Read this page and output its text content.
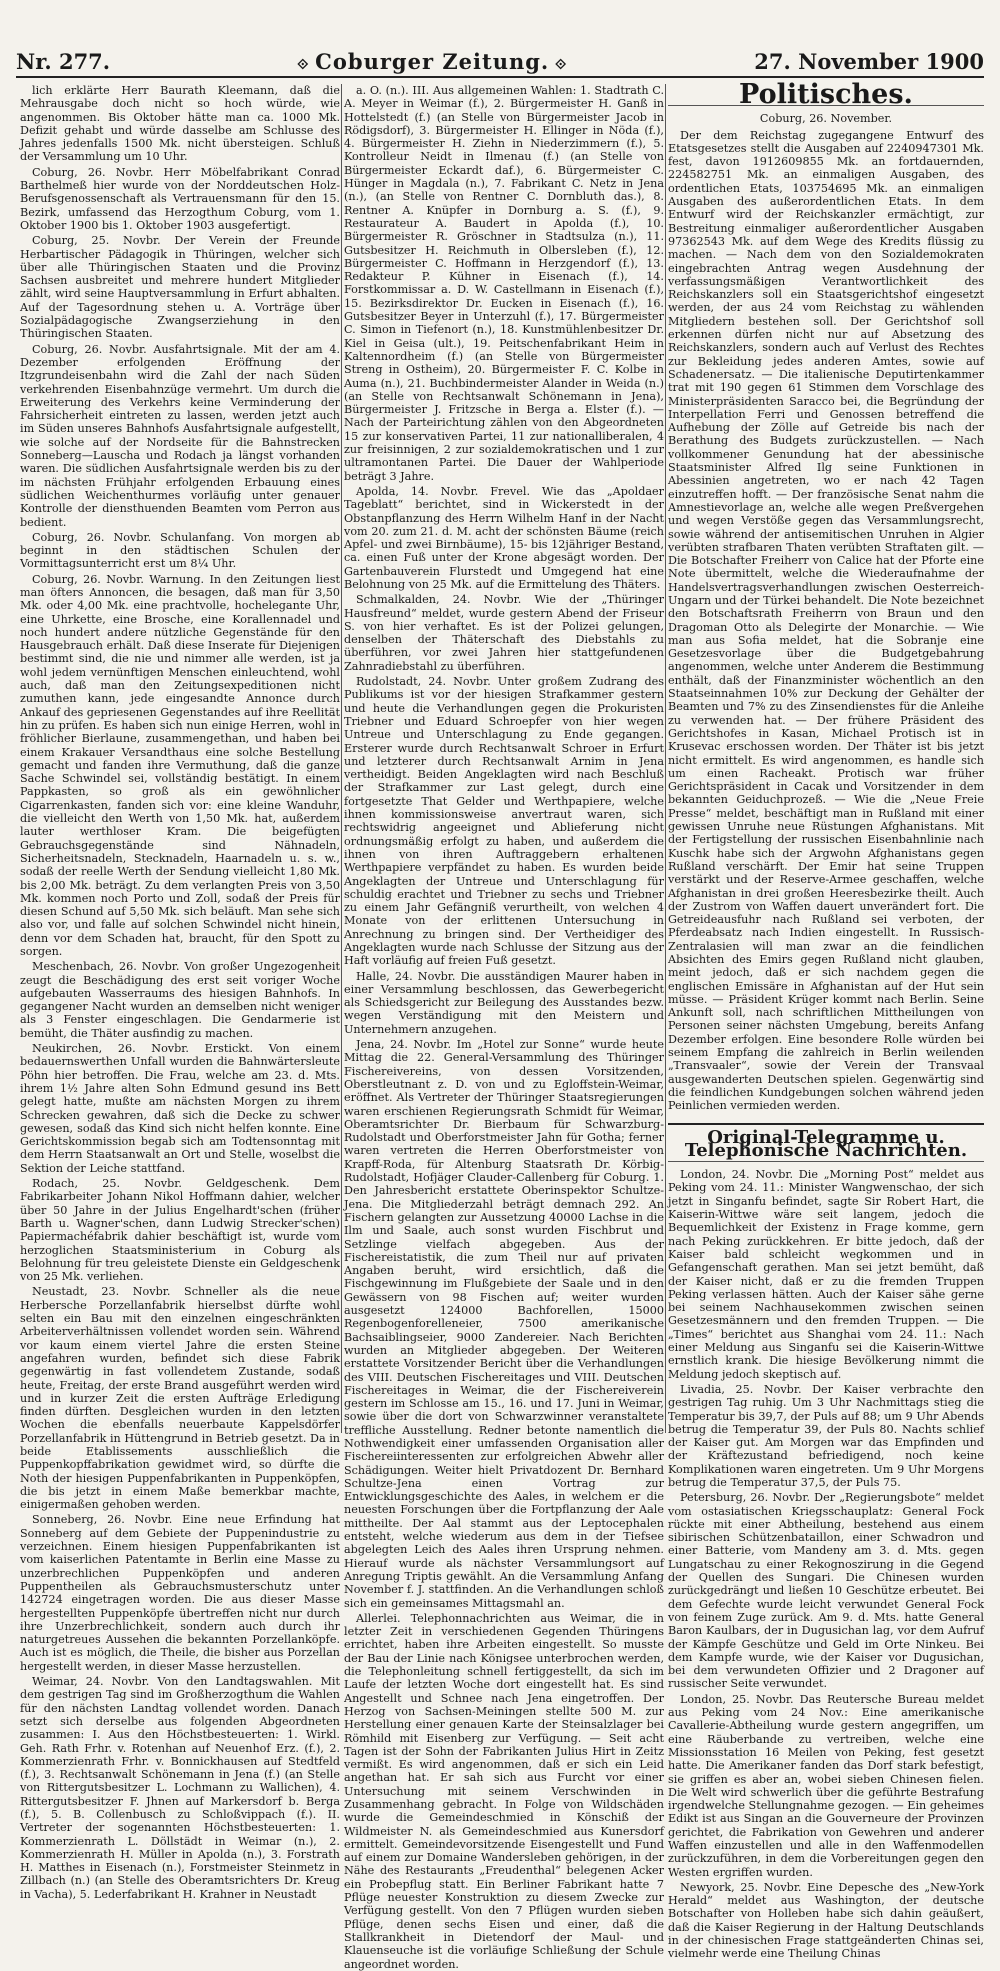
Nr. 277.
⟐	Coburger Zeitung. ⟐	27. November 1900

lich erklärte Herr Baurath Kleemann, daß die Mehrausgabe doch nicht so hoch würde, wie angenommen. Bis Oktober hätte man ca. 1000 Mk. Defizit gehabt und würde dasselbe am Schlusse des Jahres jedenfalls 1500 Mk. nicht übersteigen. Schluß der Versammlung um 10 Uhr.

Coburg, 26. Novbr. Herr Möbelfabrikant Conrad Barthelmeß hier wurde von der Norddeutschen Holz-Berufsgenossenschaft als Vertrauensmann für den 15. Bezirk, umfassend das Herzogthum Coburg, vom 1. Oktober 1900 bis 1. Oktober 1903 ausgefertigt.

Coburg, 25. Novbr. Der Verein der Freunde Herbartischer Pädagogik in Thüringen, welcher sich über alle Thüringischen Staaten und die Provinz Sachsen ausbreitet und mehrere hundert Mitglieder zählt, wird seine Hauptversammlung in Erfurt abhalten. Auf der Tagesordnung stehen u. A. Vorträge über Sozialpädagogische Zwangserziehung in den Thüringischen Staaten.

Coburg, 26. Novbr. Ausfahrtsignale. Mit der am 4. Dezember erfolgenden Eröffnung der Itzgrundeisenbahn wird die Zahl der nach Süden verkehrenden Eisenbahnzüge vermehrt. Um durch die Erweiterung des Verkehrs keine Verminderung der Fahrsicherheit eintreten zu lassen, werden jetzt auch im Süden unseres Bahnhofs Ausfahrtsignale aufgestellt, wie solche auf der Nordseite für die Bahnstrecken Sonneberg—Lauscha und Rodach ja längst vorhanden waren. Die südlichen Ausfahrtsignale werden bis zu der im nächsten Frühjahr erfolgenden Erbauung eines südlichen Weichenthurmes vorläufig unter genauer Kontrolle der diensthuenden Beamten vom Perron aus bedient.

Coburg, 26. Novbr. Schulanfang. Von morgen ab beginnt in den städtischen Schulen der Vormittagsunterricht erst um 8¼ Uhr.

Coburg, 26. Novbr. Warnung. In den Zeitungen liest man öfters Annoncen, die besagen, daß man für 3,50 Mk. oder 4,00 Mk. eine prachtvolle, hochelegante Uhr, eine Uhrkette, eine Brosche, eine Korallennadel und noch hundert andere nützliche Gegenstände für den Hausgebrauch erhält. Daß diese Inserate für Diejenigen bestimmt sind, die nie und nimmer alle werden, ist ja wohl jedem vernünftigen Menschen einleuchtend, wohl auch, daß man den Zeitungsexpeditionen nicht zumuthen kann, jede eingesandte Annonce durch Ankauf des gepriesenen Gegenstandes auf ihre Reellität hin zu prüfen. Es haben sich nun einige Herren, wohl in fröhlicher Bierlaune, zusammengethan, und haben bei einem Krakauer Versandthaus eine solche Bestellung gemacht und fanden ihre Vermuthung, daß die ganze Sache Schwindel sei, vollständig bestätigt. In einem Pappkasten, so groß als ein gewöhnlicher Cigarrenkasten, fanden sich vor: eine kleine Wanduhr, die vielleicht den Werth von 1,50 Mk. hat, außerdem lauter werthloser Kram. Die beigefügten Gebrauchsgegenstände sind Nähnadeln, Sicherheitsnadeln, Stecknadeln, Haarnadeln u. s. w., sodaß der reelle Werth der Sendung vielleicht 1,80 Mk. bis 2,00 Mk. beträgt. Zu dem verlangten Preis von 3,50 Mk. kommen noch Porto und Zoll, sodaß der Preis für diesen Schund auf 5,50 Mk. sich beläuft. Man sehe sich also vor, und falle auf solchen Schwindel nicht hinein, denn vor dem Schaden hat, braucht, für den Spott zu sorgen.

Meschenbach, 26. Novbr. Von großer Ungezogenheit zeugt die Beschädigung des erst seit voriger Woche aufgebauten Wasserraums des hiesigen Bahnhofs. In gegangener Nacht wurden an demselben nicht weniger als 3 Fenster eingeschlagen. Die Gendarmerie ist bemüht, die Thäter ausfindig zu machen.

Neukirchen, 26. Novbr. Erstickt. Von einem bedauernswerthen Unfall wurden die Bahnwärtersleute Pöhn hier betroffen. Die Frau, welche am 23. d. Mts. ihrem 1½ Jahre alten Sohn Edmund gesund ins Bett gelegt hatte, mußte am nächsten Morgen zu ihrem Schrecken gewahren, daß sich die Decke zu schwer gewesen, sodaß das Kind sich nicht helfen konnte. Eine Gerichtskommission begab sich am Todtensonntag mit dem Herrn Staatsanwalt an Ort und Stelle, woselbst die Sektion der Leiche stattfand.

Rodach, 25. Novbr. Geldgeschenk. Dem Fabrikarbeiter Johann Nikol Hoffmann dahier, welcher über 50 Jahre in der Julius Engelhardt'schen (früher Barth u. Wagner'schen, dann Ludwig Strecker'schen) Papiermachéfabrik dahier beschäftigt ist, wurde vom herzoglichen Staatsministerium in Coburg als Belohnung für treu geleistete Dienste ein Geldgeschenk von 25 Mk. verliehen.

Neustadt, 23. Novbr. Schneller als die neue Herbersche Porzellanfabrik hierselbst dürfte wohl selten ein Bau mit den einzelnen eingeschränkten Arbeiterverhältnissen vollendet worden sein. Während vor kaum einem viertel Jahre die ersten Steine angefahren wurden, befindet sich diese Fabrik gegenwärtig in fast vollendetem Zustande, sodaß heute, Freitag, der erste Brand ausgeführt werden wird und in kurzer Zeit die ersten Aufträge Erledigung finden dürften. Desgleichen wurden in den letzten Wochen die ebenfalls neuerbaute Kappelsdörfer Porzellanfabrik in Hüttengrund in Betrieb gesetzt. Da in beide Etablissements ausschließlich die Puppenkopffabrikation gewidmet wird, so dürfte die Noth der hiesigen Puppenfabrikanten in Puppenköpfen, die bis jetzt in einem Maße bemerkbar machte, einigermaßen gehoben werden.

Sonneberg, 26. Novbr. Eine neue Erfindung hat Sonneberg auf dem Gebiete der Puppenindustrie zu verzeichnen. Einem hiesigen Puppenfabrikanten ist vom kaiserlichen Patentamte in Berlin eine Masse zu unzerbrechlichen Puppenköpfen und anderen Puppentheilen als Gebrauchsmusterschutz unter 142724 eingetragen worden. Die aus dieser Masse hergestellten Puppenköpfe übertreffen nicht nur durch ihre Unzerbrechlichkeit, sondern auch durch ihr naturgetreues Aussehen die bekannten Porzellanköpfe. Auch ist es möglich, die Theile, die bisher aus Porzellan hergestellt werden, in dieser Masse herzustellen.

Weimar, 24. Novbr. Von den Landtagswahlen. Mit dem gestrigen Tag sind im Großherzogthum die Wahlen für den nächsten Landtag vollendet worden. Danach setzt sich derselbe aus folgenden Abgeordneten zusammen: I. Aus den Höchstbesteuerten: 1. Wirkl. Geh. Rath Frhr. v. Rotenhan auf Neuenhof Erz. (f.), 2. Kommerzienrath Frhr. v. Bonnickhausen auf Stedtfeld (f.), 3. Rechtsanwalt Schönemann in Jena (f.) (an Stelle von Rittergutsbesitzer L. Lochmann zu Wallichen), 4. Rittergutsbesitzer F. Jhnen auf Markersdorf b. Berga (f.), 5. B. Collenbusch zu Schloßvippach (f.). II. Vertreter der sogenannten Höchstbesteuerten: 1. Kommerzienrath L. Döllstädt in Weimar (n.), 2. Kommerzienrath H. Müller in Apolda (n.), 3. Forstrath H. Matthes in Eisenach (n.), Forstmeister Steinmetz in Zillbach (n.) (an Stelle des Oberamtsrichters Dr. Kreug in Vacha), 5. Lederfabrikant H. Krahner in Neustadt

a. O. (n.). III. Aus allgemeinen Wahlen: 1. Stadtrath C. A. Meyer in Weimar (f.), 2. Bürgermeister H. Ganß in Hottelstedt (f.) (an Stelle von Bürgermeister Jacob in Rödigsdorf), 3. Bürgermeister H. Ellinger in Nöda (f.), 4. Bürgermeister H. Ziehn in Niederzimmern (f.), 5. Kontrolleur Neidt in Ilmenau (f.) (an Stelle von Bürgermeister Eckardt daf.), 6. Bürgermeister C. Hünger in Magdala (n.), 7. Fabrikant C. Netz in Jena (n.), (an Stelle von Rentner C. Dornbluth das.), 8. Rentner A. Knüpfer in Dornburg a. S. (f.), 9. Restaurateur A. Baudert in Apolda (f.), 10. Bürgermeister R. Gröschner in Stadtsulza (n.), 11. Gutsbesitzer H. Reichmuth in Olbersleben (f.), 12. Bürgermeister C. Hoffmann in Herzgendorf (f.), 13. Redakteur P. Kühner in Eisenach (f.), 14. Forstkommissar a. D. W. Castellmann in Eisenach (f.), 15. Bezirksdirektor Dr. Eucken in Eisenach (f.), 16. Gutsbesitzer Beyer in Unterzuhl (f.), 17. Bürgermeister C. Simon in Tiefenort (n.), 18. Kunstmühlenbesitzer Dr. Kiel in Geisa (ult.), 19. Peitschenfabrikant Heim in Kaltennordheim (f.) (an Stelle von Bürgermeister Streng in Ostheim), 20. Bürgermeister F. C. Kolbe in Auma (n.), 21. Buchbindermeister Alander in Weida (n.) (an Stelle von Rechtsanwalt Schönemann in Jena), Bürgermeister J. Fritzsche in Berga a. Elster (f.). — Nach der Parteirichtung zählen von den Abgeordneten 15 zur konservativen Partei, 11 zur nationalliberalen, 4 zur freisinnigen, 2 zur sozialdemokratischen und 1 zur ultramontanen Partei. Die Dauer der Wahlperiode beträgt 3 Jahre.

Apolda, 14. Novbr. Frevel. Wie das „Apoldaer Tageblatt“ berichtet, sind in Wickerstedt in der Obstanpflanzung des Herrn Wilhelm Hanf in der Nacht vom 20. zum 21. d. M. acht der schönsten Bäume (reich Apfel- und zwei Birnbäume), 15- bis 12jähriger Bestand, ca. einen Fuß unter der Krone abgesägt worden. Der Gartenbauverein Flurstedt und Umgegend hat eine Belohnung von 25 Mk. auf die Ermittelung des Thäters.

Schmalkalden, 24. Novbr. Wie der „Thüringer Hausfreund“ meldet, wurde gestern Abend der Friseur S. von hier verhaftet. Es ist der Polizei gelungen, denselben der Thäterschaft des Diebstahls zu überführen, vor zwei Jahren hier stattgefundenen Zahnradiebstahl zu überführen.

Rudolstadt, 24. Novbr. Unter großem Zudrang des Publikums ist vor der hiesigen Strafkammer gestern und heute die Verhandlungen gegen die Prokuristen Triebner und Eduard Schroepfer von hier wegen Untreue und Unterschlagung zu Ende gegangen. Ersterer wurde durch Rechtsanwalt Schroer in Erfurt und letzterer durch Rechtsanwalt Arnim in Jena vertheidigt. Beiden Angeklagten wird nach Beschluß der Strafkammer zur Last gelegt, durch eine fortgesetzte That Gelder und Werthpapiere, welche ihnen kommissionsweise anvertraut waren, sich rechtswidrig angeeignet und Ablieferung nicht ordnungsmäßig erfolgt zu haben, und außerdem die ihnen von ihren Auftraggebern erhaltenen Werthpapiere verpfändet zu haben. Es wurden beide Angeklagten der Untreue und Unterschlagung für schuldig erachtet und Triebner zu sechs und Triebner zu einem Jahr Gefängniß verurtheilt, von welchen 4 Monate von der erlittenen Untersuchung in Anrechnung zu bringen sind. Der Vertheidiger des Angeklagten wurde nach Schlusse der Sitzung aus der Haft vorläufig auf freien Fuß gesetzt.

Halle, 24. Novbr. Die ausständigen Maurer haben in einer Versammlung beschlossen, das Gewerbegericht als Schiedsgericht zur Beilegung des Ausstandes bezw. wegen Verständigung mit den Meistern und Unternehmern anzugehen.

Jena, 24. Novbr. Im „Hotel zur Sonne“ wurde heute Mittag die 22. General-Versammlung des Thüringer Fischereivereins, von dessen Vorsitzenden, Oberstleutnant z. D. von und zu Egloffstein-Weimar, eröffnet. Als Vertreter der Thüringer Staatsregierungen waren erschienen Regierungsrath Schmidt für Weimar, Oberamtsrichter Dr. Bierbaum für Schwarzburg-Rudolstadt und Oberforstmeister Jahn für Gotha; ferner waren vertreten die Herren Oberforstmeister von Krapff-Roda, für Altenburg Staatsrath Dr. Körbig-Rudolstadt, Hofjäger Clauder-Callenberg für Coburg. 1. Den Jahresbericht erstattete Oberinspektor Schultze-Jena. Die Mitgliederzahl beträgt demnach 292. An Fischern gelangten zur Aussetzung 40000 Lachse in die Ilm und Saale, auch sonst wurden Fischbrut und Setzlinge vielfach abgegeben. Aus der Fischereistatistik, die zum Theil nur auf privaten Angaben beruht, wird ersichtlich, daß die Fischgewinnung im Flußgebiete der Saale und in den Gewässern von 98 Fischen auf; weiter wurden ausgesetzt 124000 Bachforellen, 15000 Regenbogenforelleneier, 7500 amerikanische Bachsaiblingseier, 9000 Zandereier. Nach Berichten wurden an Mitglieder abgegeben. Der Weiteren erstattete Vorsitzender Bericht über die Verhandlungen des VIII. Deutschen Fischereitages und VIII. Deutschen Fischereitages in Weimar, die der Fischereiverein gestern im Schlosse am 15., 16. und 17. Juni in Weimar, sowie über die dort von Schwarzwinner veranstaltete treffliche Ausstellung. Redner betonte namentlich die Nothwendigkeit einer umfassenden Organisation aller Fischereiinteressenten zur erfolgreichen Abwehr aller Schädigungen. Weiter hielt Privatdozent Dr. Bernhard Schultze-Jena einen Vortrag zur Entwicklungsgeschichte des Aales, in welchem er die neuesten Forschungen über die Fortpflanzung der Aale mittheilte. Der Aal stammt aus der Leptocephalen entsteht, welche wiederum aus dem in der Tiefsee abgelegten Leich des Aales ihren Ursprung nehmen. Hierauf wurde als nächster Versammlungsort auf Anregung Triptis gewählt. An die Versammlung Anfang November f. J. stattfinden. An die Verhandlungen schloß sich ein gemeinsames Mittagsmahl an.

Allerlei. Telephonnachrichten aus Weimar, die in letzter Zeit in verschiedenen Gegenden Thüringens errichtet, haben ihre Arbeiten eingestellt. So musste der Bau der Linie nach Königsee unterbrochen werden, die Telephonleitung schnell fertiggestellt, da sich im Laufe der letzten Woche dort eingestellt hat. Es sind Angestellt und Schnee nach Jena eingetroffen. Der Herzog von Sachsen-Meiningen stellte 500 M. zur Herstellung einer genauen Karte der Steinsalzlager bei Römhild mit Eisenberg zur Verfügung. — Seit acht Tagen ist der Sohn der Fabrikanten Julius Hirt in Zeitz vermißt. Es wird angenommen, daß er sich ein Leid angethan hat. Er sah sich aus Furcht vor einer Untersuchung mit seinem Verschwinden in Zusammenhang gebracht. In Folge von Wildschäden wurde die Gemeindeschmied in Könschiß der Wildmeister N. als Gemeindeschmied aus Kunersdorf ermittelt. Gemeindevorsitzende Eisengestellt und Fund auf einem zur Domaine Wandersleben gehörigen, in der Nähe des Restaurants „Freudenthal“ belegenen Acker ein Probepflug statt. Ein Berliner Fabrikant hatte 7 Pflüge neuester Konstruktion zu diesem Zwecke zur Verfügung gestellt. Von den 7 Pflügen wurden sieben Pflüge, denen sechs Eisen und einer, daß die Stallkrankheit in Dietendorf der Maul- und Klauenseuche ist die vorläufige Schließung der Schule angeordnet worden.

Politisches.

Coburg, 26. November.

Der dem Reichstag zugegangene Entwurf des Etatsgesetzes stellt die Ausgaben auf 2240947301 Mk. fest, davon 1912609855 Mk. an fortdauernden, 224582751 Mk. an einmaligen Ausgaben, des ordentlichen Etats, 103754695 Mk. an einmaligen Ausgaben des außerordentlichen Etats. In dem Entwurf wird der Reichskanzler ermächtigt, zur Bestreitung einmaliger außerordentlicher Ausgaben 97362543 Mk. auf dem Wege des Kredits flüssig zu machen. — Nach dem von den Sozialdemokraten eingebrachten Antrag wegen Ausdehnung der verfassungsmäßigen Verantwortlichkeit des Reichskanzlers soll ein Staatsgerichtshof eingesetzt werden, der aus 24 vom Reichstag zu wählenden Mitgliedern bestehen soll. Der Gerichtshof soll erkennen dürfen nicht nur auf Absetzung des Reichskanzlers, sondern auch auf Verlust des Rechtes zur Bekleidung jedes anderen Amtes, sowie auf Schadenersatz. — Die italienische Deputirtenkammer trat mit 190 gegen 61 Stimmen dem Vorschlage des Ministerpräsidenten Saracco bei, die Begründung der Interpellation Ferri und Genossen betreffend die Aufhebung der Zölle auf Getreide bis nach der Berathung des Budgets zurückzustellen. — Nach vollkommener Genundung hat der abessinische Staatsminister Alfred Ilg seine Funktionen in Abessinien angetreten, wo er nach 42 Tagen einzutreffen hofft. — Der französische Senat nahm die Amnestievorlage an, welche alle wegen Preßvergehen und wegen Verstöße gegen das Versammlungsrecht, sowie während der antisemitischen Unruhen in Algier verübten strafbaren Thaten verübten Straftaten gilt. — Die Botschafter Freiherr von Calice hat der Pforte eine Note übermittelt, welche die Wiederaufnahme der Handelsvertragsverhandlungen zwischen Oesterreich-Ungarn und der Türkei behandelt. Die Note bezeichnet den Botschaftsrath Freiherrn von Braun und den Dragoman Otto als Delegirte der Monarchie. — Wie man aus Sofia meldet, hat die Sobranje eine Gesetzesvorlage über die Budgetgebahrung angenommen, welche unter Anderem die Bestimmung enthält, daß der Finanzminister wöchentlich an den Staatseinnahmen 10% zur Deckung der Gehälter der Beamten und 7% zu des Zinsendienstes für die Anleihe zu verwenden hat. — Der frühere Präsident des Gerichtshofes in Kasan, Michael Protisch ist in Krusevac erschossen worden. Der Thäter ist bis jetzt nicht ermittelt. Es wird angenommen, es handle sich um einen Racheakt. Protisch war früher Gerichtspräsident in Cacak und Vorsitzender in dem bekannten Geiduchprozeß. — Wie die „Neue Freie Presse“ meldet, beschäftigt man in Rußland mit einer gewissen Unruhe neue Rüstungen Afghanistans. Mit der Fertigstellung der russischen Eisenbahnlinie nach Kuschk habe sich der Argwohn Afghanistans gegen Rußland verschärft. Der Emir hat seine Truppen verstärkt und der Reserve-Armee geschaffen, welche Afghanistan in drei großen Heeresbezirke theilt. Auch der Zustrom von Waffen dauert unverändert fort. Die Getreideausfuhr nach Rußland sei verboten, der Pferdeabsatz nach Indien eingestellt. In Russisch-Zentralasien will man zwar an die feindlichen Absichten des Emirs gegen Rußland nicht glauben, meint jedoch, daß er sich nachdem gegen die englischen Emissäre in Afghanistan auf der Hut sein müsse. — Präsident Krüger kommt nach Berlin. Seine Ankunft soll, nach schriftlichen Mittheilungen von Personen seiner nächsten Umgebung, bereits Anfang Dezember erfolgen. Eine besondere Rolle würden bei seinem Empfang die zahlreich in Berlin weilenden „Transvaaler“, sowie der Verein der Transvaal ausgewanderten Deutschen spielen. Gegenwärtig sind die feindlichen Kundgebungen solchen während jeden Peinlichen vermieden werden.

Original-Telegramme u. Telephonische Nachrichten.

London, 24. Novbr. Die „Morning Post“ meldet aus Peking vom 24. 11.: Minister Wangwenschao, der sich jetzt in Singanfu befindet, sagte Sir Robert Hart, die Kaiserin-Wittwe wäre seit langem, jedoch die Bequemlichkeit der Existenz in Frage komme, gern nach Peking zurückkehren. Er bitte jedoch, daß der Kaiser bald schleicht wegkommen und in Gefangenschaft gerathen. Man sei jetzt bemüht, daß der Kaiser nicht, daß er zu die fremden Truppen Peking verlassen hätten. Auch der Kaiser sähe gerne bei seinem Nachhausekommen zwischen seinen Gesetzesmännern und den fremden Truppen. — Die „Times“ berichtet aus Shanghai vom 24. 11.: Nach einer Meldung aus Singanfu sei die Kaiserin-Wittwe ernstlich krank. Die hiesige Bevölkerung nimmt die Meldung jedoch skeptisch auf.

Livadia, 25. Novbr. Der Kaiser verbrachte den gestrigen Tag ruhig. Um 3 Uhr Nachmittags stieg die Temperatur bis 39,7, der Puls auf 88; um 9 Uhr Abends betrug die Temperatur 39, der Puls 80. Nachts schlief der Kaiser gut. Am Morgen war das Empfinden und der Kräftezustand befriedigend, noch keine Komplikationen waren eingetreten. Um 9 Uhr Morgens betrug die Temperatur 37,5, der Puls 75.

Petersburg, 26. Novbr. Der „Regierungsbote“ meldet vom ostasiatischen Kriegsschauplatz: General Fock rückte mit einer Abtheilung, bestehend aus einem sibirischen Schützenbataillon, einer Schwadron und einer Batterie, vom Mandeny am 3. d. Mts. gegen Lungatschau zu einer Rekognoszirung in die Gegend der Quellen des Sungari. Die Chinesen wurden zurückgedrängt und ließen 10 Geschütze erbeutet. Bei dem Gefechte wurde leicht verwundet General Fock von feinem Zuge zurück. Am 9. d. Mts. hatte General Baron Kaulbars, der in Dugusichan lag, vor dem Aufruf der Kämpfe Geschütze und Geld im Orte Ninkeu. Bei dem Kampfe wurde, wie der Kaiser vor Dugusichan, bei dem verwundeten Offizier und 2 Dragoner auf russischer Seite verwundet.

London, 25. Novbr. Das Reutersche Bureau meldet aus Peking vom 24 Nov.: Eine amerikanische Cavallerie-Abtheilung wurde gestern angegriffen, um eine Räuberbande zu vertreiben, welche eine Missionsstation 16 Meilen von Peking, fest gesetzt hatte. Die Amerikaner fanden das Dorf stark befestigt, sie griffen es aber an, wobei sieben Chinesen fielen. Die Welt wird schwerlich über die geführte Bestrafung irgendwelche Stellungnahme gezogen. — Ein geheimes Edikt ist aus Singan an die Gouverneure der Provinzen gerichtet, die Fabrikation von Gewehren und anderer Waffen einzustellen und alle in den Waffenmodellen zurückzuführen, in dem die Vorbereitungen gegen den Westen ergriffen wurden.

Newyork, 25. Novbr. Eine Depesche des „New-York Herald“ meldet aus Washington, der deutsche Botschafter von Holleben habe sich dahin geäußert, daß die Kaiser Regierung in der Haltung Deutschlands in der chinesischen Frage stattgeänderten Chinas sei, vielmehr werde eine Theilung Chinas
